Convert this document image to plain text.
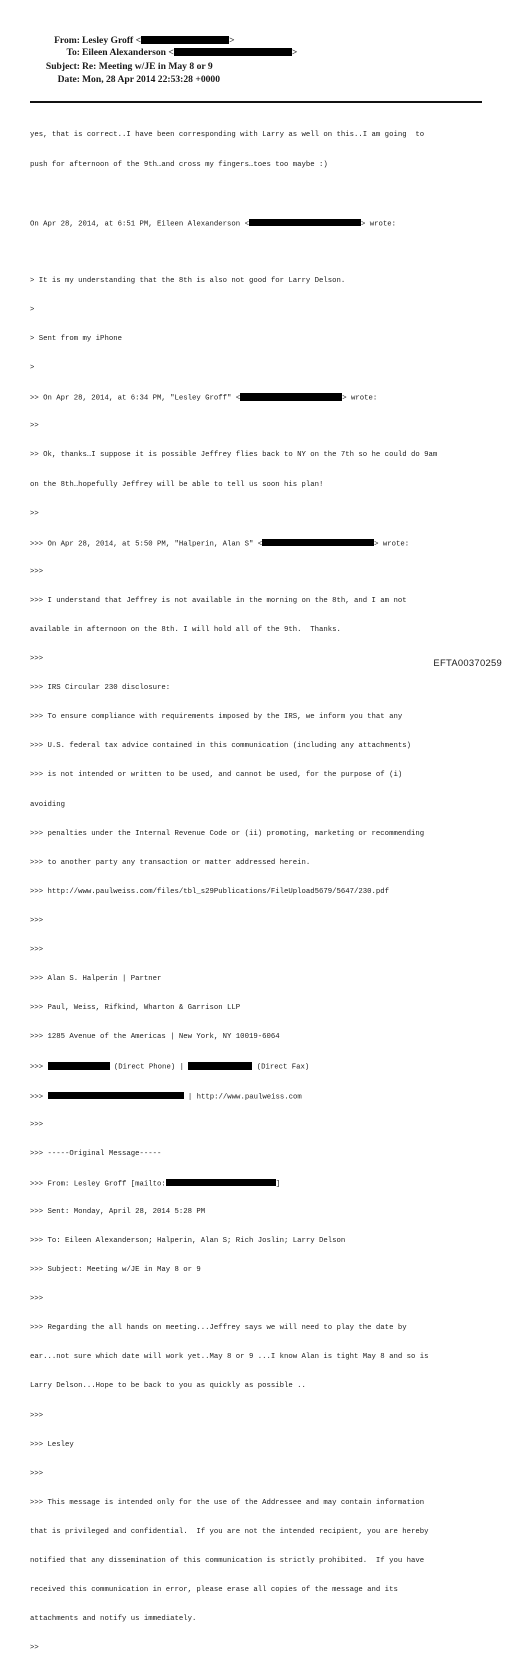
From: Lesley Groff <	>
To: Eileen Alexanderson <	>
Subject: Re: Meeting w/JE in May 8 or 9
Date: Mon, 28 Apr 2014 22:53:28 +0000

yes, that is correct..I have been corresponding with Larry as well on this..I am going  to

push for afternoon of the 9th…and cross my fingers…toes too maybe :)

On Apr 28, 2014, at 6:51 PM, Eileen Alexanderson <	> wrote:

> It is my understanding that the 8th is also not good for Larry Delson.

>

> Sent from my iPhone

>

>> On Apr 28, 2014, at 6:34 PM, "Lesley Groff" <	> wrote:

>>

>> Ok, thanks…I suppose it is possible Jeffrey flies back to NY on the 7th so he could do 9am

on the 8th…hopefully Jeffrey will be able to tell us soon his plan!

>>

>>> On Apr 28, 2014, at 5:50 PM, "Halperin, Alan S" <	> wrote:

>>>

>>> I understand that Jeffrey is not available in the morning on the 8th, and I am not

available in afternoon on the 8th. I will hold all of the 9th.  Thanks.

>>>

>>> IRS Circular 230 disclosure:

>>> To ensure compliance with requirements imposed by the IRS, we inform you that any

>>> U.S. federal tax advice contained in this communication (including any attachments)

>>> is not intended or written to be used, and cannot be used, for the purpose of (i)

avoiding

>>> penalties under the Internal Revenue Code or (ii) promoting, marketing or recommending

>>> to another party any transaction or matter addressed herein.

>>> http://www.paulweiss.com/files/tbl_s29Publications/FileUpload5679/5647/230.pdf

>>>

>>>

>>> Alan S. Halperin | Partner

>>> Paul, Weiss, Rifkind, Wharton & Garrison LLP

>>> 1285 Avenue of the Americas | New York, NY 10019-6064

>>>	(Direct Phone) |	(Direct Fax)

>>>	| http://www.paulweiss.com

>>>

>>> -----Original Message-----

>>> From: Lesley Groff [mailto:	]

>>> Sent: Monday, April 28, 2014 5:28 PM

>>> To: Eileen Alexanderson; Halperin, Alan S; Rich Joslin; Larry Delson

>>> Subject: Meeting w/JE in May 8 or 9

>>>

>>> Regarding the all hands on meeting...Jeffrey says we will need to play the date by

ear...not sure which date will work yet..May 8 or 9 ...I know Alan is tight May 8 and so is

Larry Delson...Hope to be back to you as quickly as possible ..

>>>

>>> Lesley

>>>

>>> This message is intended only for the use of the Addressee and may contain information

that is privileged and confidential.  If you are not the intended recipient, you are hereby

notified that any dissemination of this communication is strictly prohibited.  If you have

received this communication in error, please erase all copies of the message and its

attachments and notify us immediately.

>>

EFTA00370259
